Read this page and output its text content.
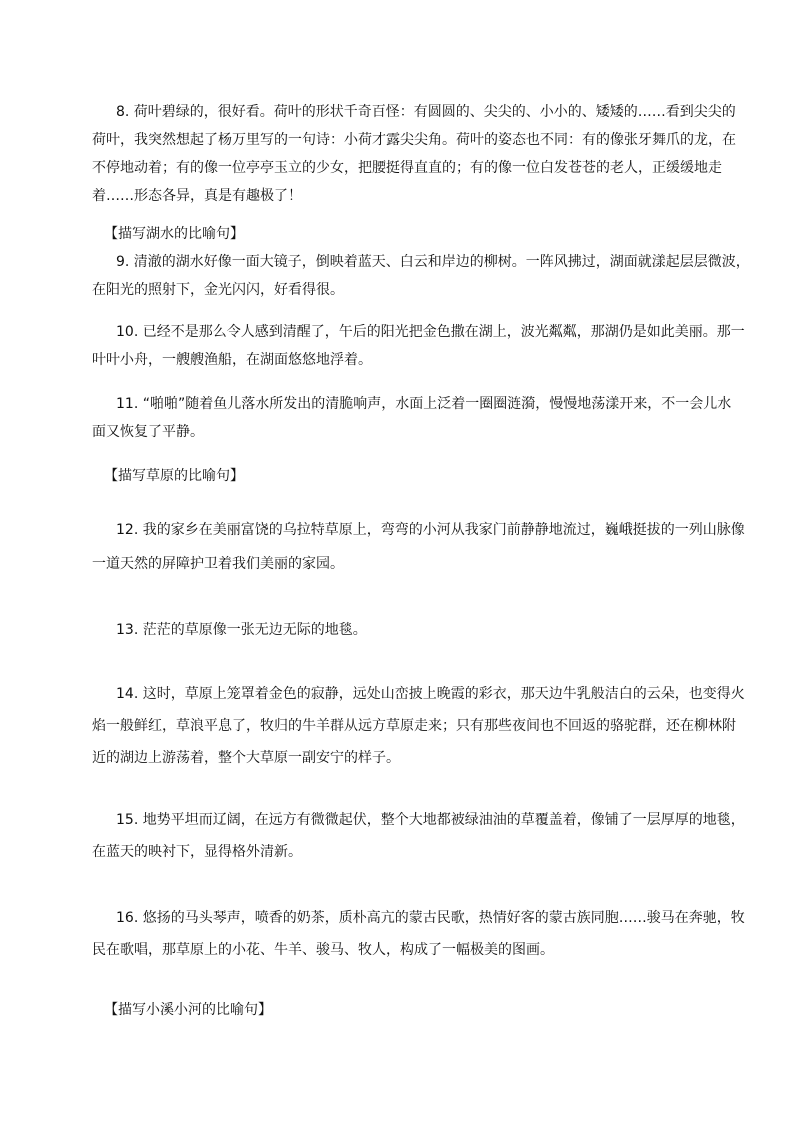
8. 荷叶碧绿的，很好看。荷叶的形状千奇百怪：有圆圆的、尖尖的、小小的、矮矮的……看到尖尖的
荷叶，我突然想起了杨万里写的一句诗：小荷才露尖尖角。荷叶的姿态也不同：有的像张牙舞爪的龙，在
不停地动着；有的像一位亭亭玉立的少女，把腰挺得直直的；有的像一位白发苍苍的老人，正缓缓地走
着……形态各异，真是有趣极了！
【描写湖水的比喻句】
9. 清澈的湖水好像一面大镜子，倒映着蓝天、白云和岸边的柳树。一阵风拂过，湖面就漾起层层微波，
在阳光的照射下，金光闪闪，好看得很。
10. 已经不是那么令人感到清醒了，午后的阳光把金色撒在湖上，波光粼粼，那湖仍是如此美丽。那一
叶叶小舟，一艘艘渔船，在湖面悠悠地浮着。
11. “啪啪”随着鱼儿落水所发出的清脆响声，水面上泛着一圈圈涟漪，慢慢地荡漾开来，不一会儿水
面又恢复了平静。
【描写草原的比喻句】
12. 我的家乡在美丽富饶的乌拉特草原上，弯弯的小河从我家门前静静地流过，巍峨挺拔的一列山脉像
一道天然的屏障护卫着我们美丽的家园。
13. 茫茫的草原像一张无边无际的地毯。
14. 这时，草原上笼罩着金色的寂静，远处山峦披上晚霞的彩衣，那天边牛乳般洁白的云朵，也变得火
焰一般鲜红，草浪平息了，牧归的牛羊群从远方草原走来；只有那些夜间也不回返的骆驼群，还在柳林附
近的湖边上游荡着，整个大草原一副安宁的样子。
15. 地势平坦而辽阔，在远方有微微起伏，整个大地都被绿油油的草覆盖着，像铺了一层厚厚的地毯，
在蓝天的映衬下，显得格外清新。
16. 悠扬的马头琴声，喷香的奶茶，质朴高亢的蒙古民歌，热情好客的蒙古族同胞……骏马在奔驰，牧
民在歌唱，那草原上的小花、牛羊、骏马、牧人，构成了一幅极美的图画。
【描写小溪小河的比喻句】
